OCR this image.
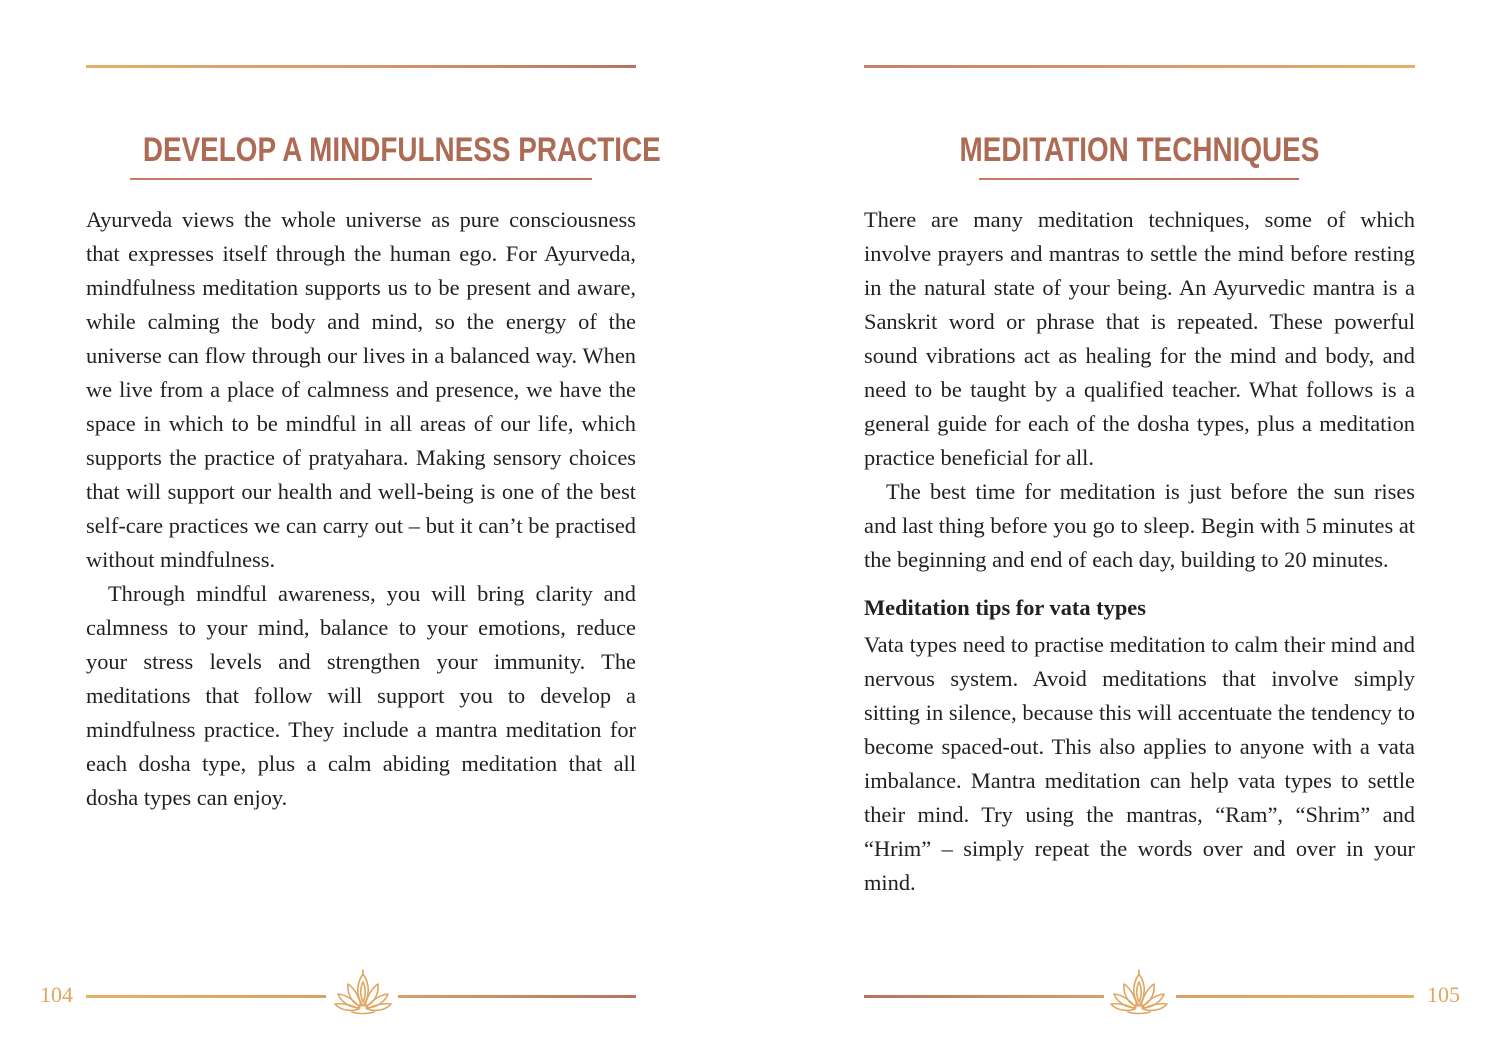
DEVELOP A MINDFULNESS PRACTICE

Ayurveda views the whole universe as pure consciousness that expresses itself through the human ego. For Ayurveda, mindfulness meditation supports us to be present and aware, while calming the body and mind, so the energy of the universe can flow through our lives in a balanced way. When we live from a place of calmness and presence, we have the space in which to be mindful in all areas of our life, which supports the practice of pratyahara. Making sensory choices that will support our health and well-being is one of the best self-care practices we can carry out – but it can’t be practised without mindfulness.

Through mindful awareness, you will bring clarity and calmness to your mind, balance to your emotions, reduce your stress levels and strengthen your immunity. The meditations that follow will support you to develop a mindfulness practice. They include a mantra meditation for each dosha type, plus a calm abiding meditation that all dosha types can enjoy.

MEDITATION TECHNIQUES

There are many meditation techniques, some of which involve prayers and mantras to settle the mind before resting in the natural state of your being. An Ayurvedic mantra is a Sanskrit word or phrase that is repeated. These powerful sound vibrations act as healing for the mind and body, and need to be taught by a qualified teacher. What follows is a general guide for each of the dosha types, plus a meditation practice beneficial for all.

The best time for meditation is just before the sun rises and last thing before you go to sleep. Begin with 5 minutes at the beginning and end of each day, building to 20 minutes.

Meditation tips for vata types

Vata types need to practise meditation to calm their mind and nervous system. Avoid meditations that involve simply sitting in silence, because this will accentuate the tendency to become spaced-out. This also applies to anyone with a vata imbalance. Mantra meditation can help vata types to settle their mind. Try using the mantras, “Ram”, “Shrim” and “Hrim” – simply repeat the words over and over in your mind.

104	105
